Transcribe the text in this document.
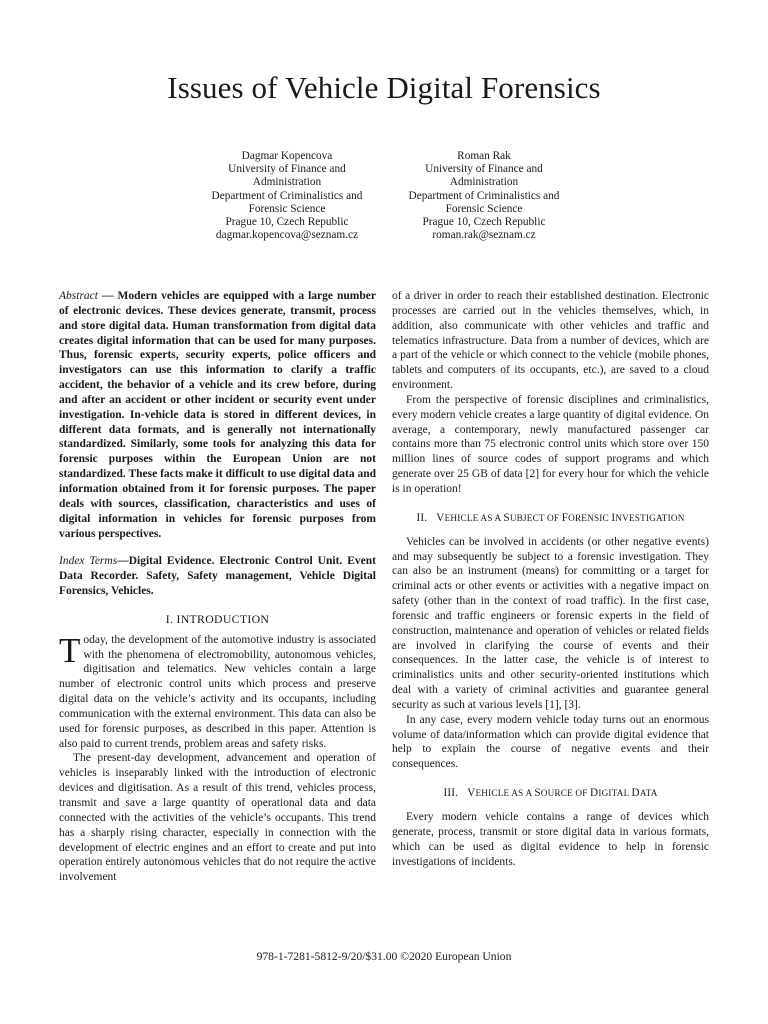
Issues of Vehicle Digital Forensics
Dagmar Kopencova
University of Finance and
Administration
Department of Criminalistics and
Forensic Science
Prague 10, Czech Republic
dagmar.kopencova@seznam.cz
Roman Rak
University of Finance and
Administration
Department of Criminalistics and
Forensic Science
Prague 10, Czech Republic
roman.rak@seznam.cz

Abstract — Modern vehicles are equipped with a large number of electronic devices. These devices generate, transmit, process and store digital data. Human transformation from digital data creates digital information that can be used for many purposes. Thus, forensic experts, security experts, police officers and investigators can use this information to clarify a traffic accident, the behavior of a vehicle and its crew before, during and after an accident or other incident or security event under investigation. In-vehicle data is stored in different devices, in different data formats, and is generally not internationally standardized. Similarly, some tools for analyzing this data for forensic purposes within the European Union are not standardized. These facts make it difficult to use digital data and information obtained from it for forensic purposes. The paper deals with sources, classification, characteristics and uses of digital information in vehicles for forensic purposes from various perspectives.

Index Terms—Digital Evidence. Electronic Control Unit. Event Data Recorder. Safety, Safety management, Vehicle Digital Forensics, Vehicles.

I. INTRODUCTION

Today, the development of the automotive industry is associated with the phenomena of electromobility, autonomous vehicles, digitisation and telematics. New vehicles contain a large number of electronic control units which process and preserve digital data on the vehicle’s activity and its occupants, including communication with the external environment. This data can also be used for forensic purposes, as described in this paper. Attention is also paid to current trends, problem areas and safety risks.

The present-day development, advancement and operation of vehicles is inseparably linked with the introduction of electronic devices and digitisation. As a result of this trend, vehicles process, transmit and save a large quantity of operational data and data connected with the activities of the vehicle’s occupants. This trend has a sharply rising character, especially in connection with the development of electric engines and an effort to create and put into operation entirely autonomous vehicles that do not require the active involvement

of a driver in order to reach their established destination. Electronic processes are carried out in the vehicles themselves, which, in addition, also communicate with other vehicles and traffic and telematics infrastructure. Data from a number of devices, which are a part of the vehicle or which connect to the vehicle (mobile phones, tablets and computers of its occupants, etc.), are saved to a cloud environment.

From the perspective of forensic disciplines and criminalistics, every modern vehicle creates a large quantity of digital evidence. On average, a contemporary, newly manufactured passenger car contains more than 75 electronic control units which store over 150 million lines of source codes of support programs and which generate over 25 GB of data [2] for every hour for which the vehicle is in operation!

II. VEHICLE AS A SUBJECT OF FORENSIC INVESTIGATION

Vehicles can be involved in accidents (or other negative events) and may subsequently be subject to a forensic investigation. They can also be an instrument (means) for committing or a target for criminal acts or other events or activities with a negative impact on safety (other than in the context of road traffic). In the first case, forensic and traffic engineers or forensic experts in the field of construction, maintenance and operation of vehicles or related fields are involved in clarifying the course of events and their consequences. In the latter case, the vehicle is of interest to criminalistics units and other security-oriented institutions which deal with a variety of criminal activities and guarantee general security as such at various levels [1], [3].

In any case, every modern vehicle today turns out an enormous volume of data/information which can provide digital evidence that help to explain the course of negative events and their consequences.

III. VEHICLE AS A SOURCE OF DIGITAL DATA

Every modern vehicle contains a range of devices which generate, process, transmit or store digital data in various formats, which can be used as digital evidence to help in forensic investigations of incidents.

978-1-7281-5812-9/20/$31.00 ©2020 European Union
